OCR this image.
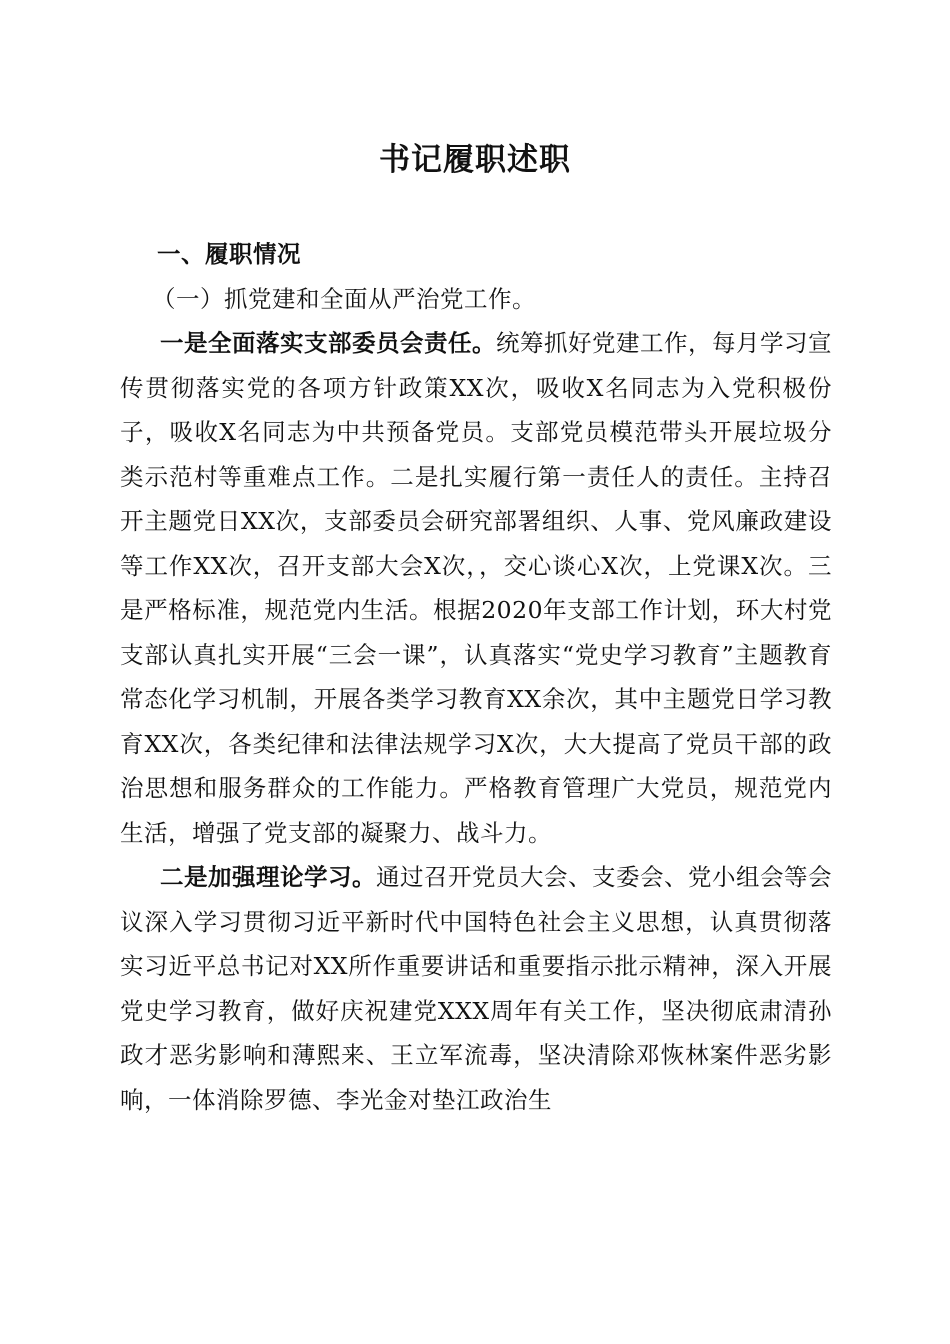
书记履职述职
一、履职情况

（一）抓党建和全面从严治党工作。

一是全面落实支部委员会责任。统筹抓好党建工作，每月学习宣传贯彻落实党的各项方针政策XX次，吸收X名同志为入党积极份子，吸收X名同志为中共预备党员。支部党员模范带头开展垃圾分类示范村等重难点工作。二是扎实履行第一责任人的责任。主持召开主题党日XX次，支部委员会研究部署组织、人事、党风廉政建设等工作XX次，召开支部大会X次，，交心谈心X次，上党课X次。三是严格标准，规范党内生活。根据2020年支部工作计划，环大村党支部认真扎实开展“三会一课”，认真落实“党史学习教育”主题教育常态化学习机制，开展各类学习教育XX余次，其中主题党日学习教育XX次，各类纪律和法律法规学习X次，大大提高了党员干部的政治思想和服务群众的工作能力。严格教育管理广大党员，规范党内生活，增强了党支部的凝聚力、战斗力。

二是加强理论学习。通过召开党员大会、支委会、党小组会等会议深入学习贯彻习近平新时代中国特色社会主义思想，认真贯彻落实习近平总书记对XX所作重要讲话和重要指示批示精神，深入开展党史学习教育，做好庆祝建党XXX周年有关工作，坚决彻底肃清孙政才恶劣影响和薄熙来、王立军流毒，坚决清除邓恢林案件恶劣影响，一体消除罗德、李光金对垫江政治生
